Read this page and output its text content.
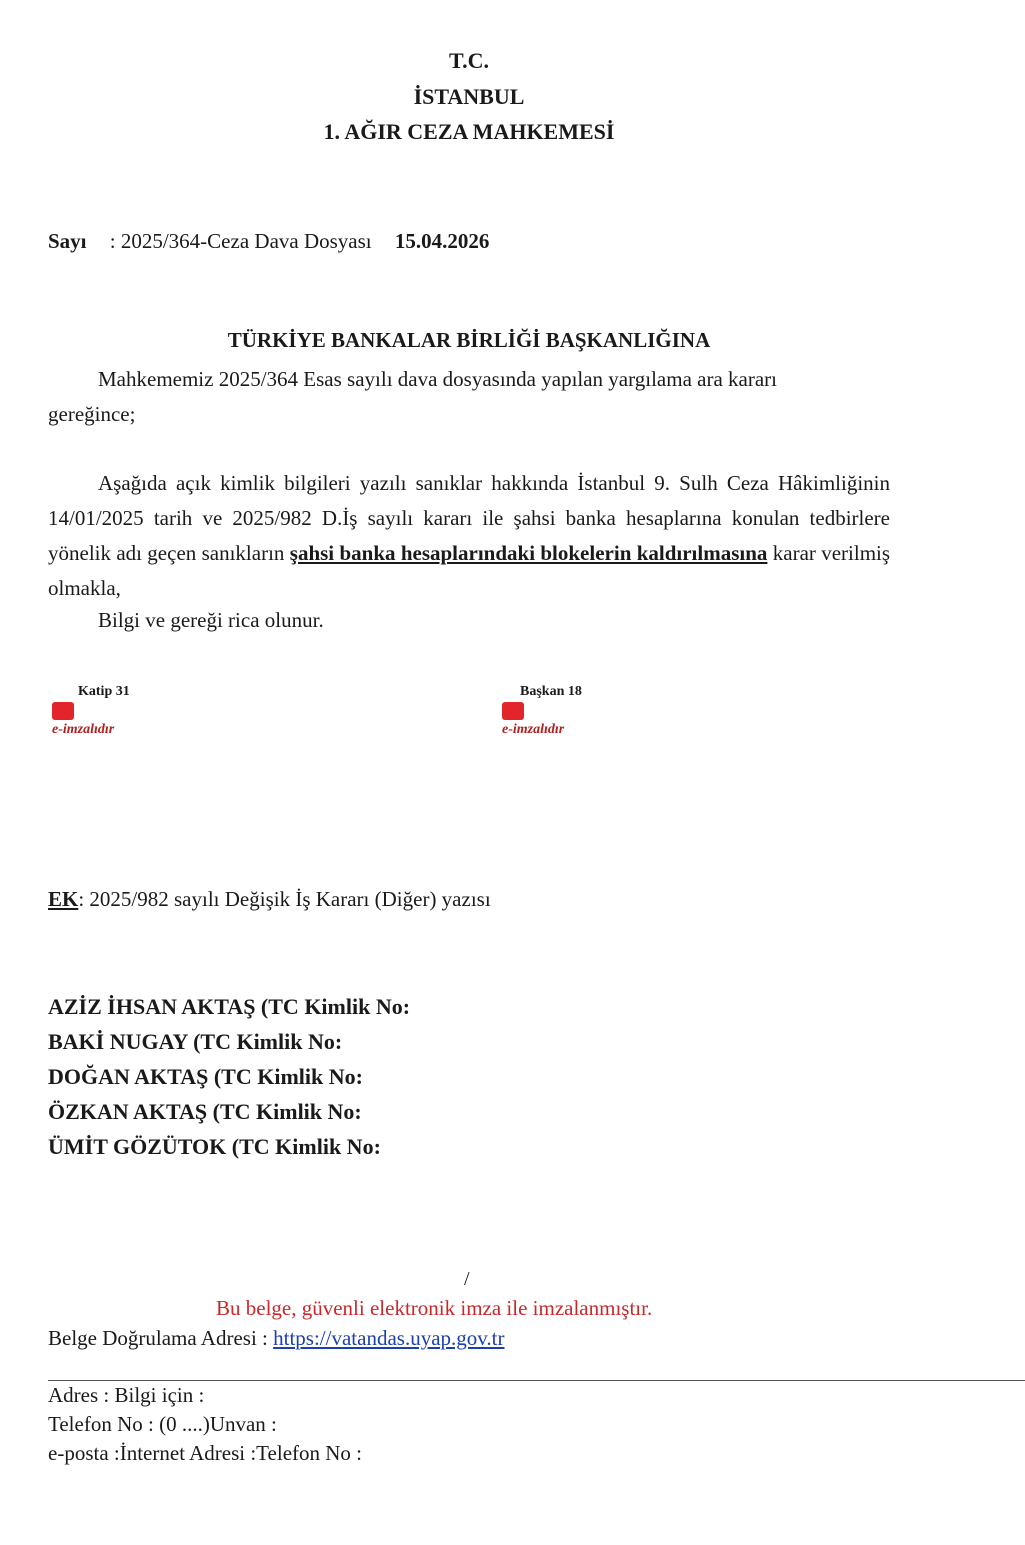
T.C.
İSTANBUL
1. AĞIR CEZA MAHKEMESİ
Sayı : 2025/364-Ceza Dava Dosyası 15.04.2026
TÜRKİYE BANKALAR BİRLİĞİ BAŞKANLIĞINA
Mahkememiz 2025/364 Esas sayılı dava dosyasında yapılan yargılama ara kararı
gereğince;
Aşağıda açık kimlik bilgileri yazılı sanıklar hakkında İstanbul 9. Sulh Ceza Hâkimliğinin 14/01/2025 tarih ve 2025/982 D.İş sayılı kararı ile şahsi banka hesaplarına konulan tedbirlere yönelik adı geçen sanıkların şahsi banka hesaplarındaki blokelerin kaldırılmasına karar verilmiş olmakla,
Bilgi ve gereği rica olunur.
Katip 31
e-imzalıdır
Başkan 18
e-imzalıdır
EK: 2025/982 sayılı Değişik İş Kararı (Diğer) yazısı
AZİZ İHSAN AKTAŞ (TC Kimlik No:
BAKİ NUGAY (TC Kimlik No:
DOĞAN AKTAŞ (TC Kimlik No:
ÖZKAN AKTAŞ (TC Kimlik No:
ÜMİT GÖZÜTOK (TC Kimlik No:
/
Bu belge, güvenli elektronik imza ile imzalanmıştır.
Belge Doğrulama Adresi : https://vatandas.uyap.gov.tr
Adres : Bilgi için :
Telefon No : (0 ....)Unvan :
e-posta :İnternet Adresi :Telefon No :
